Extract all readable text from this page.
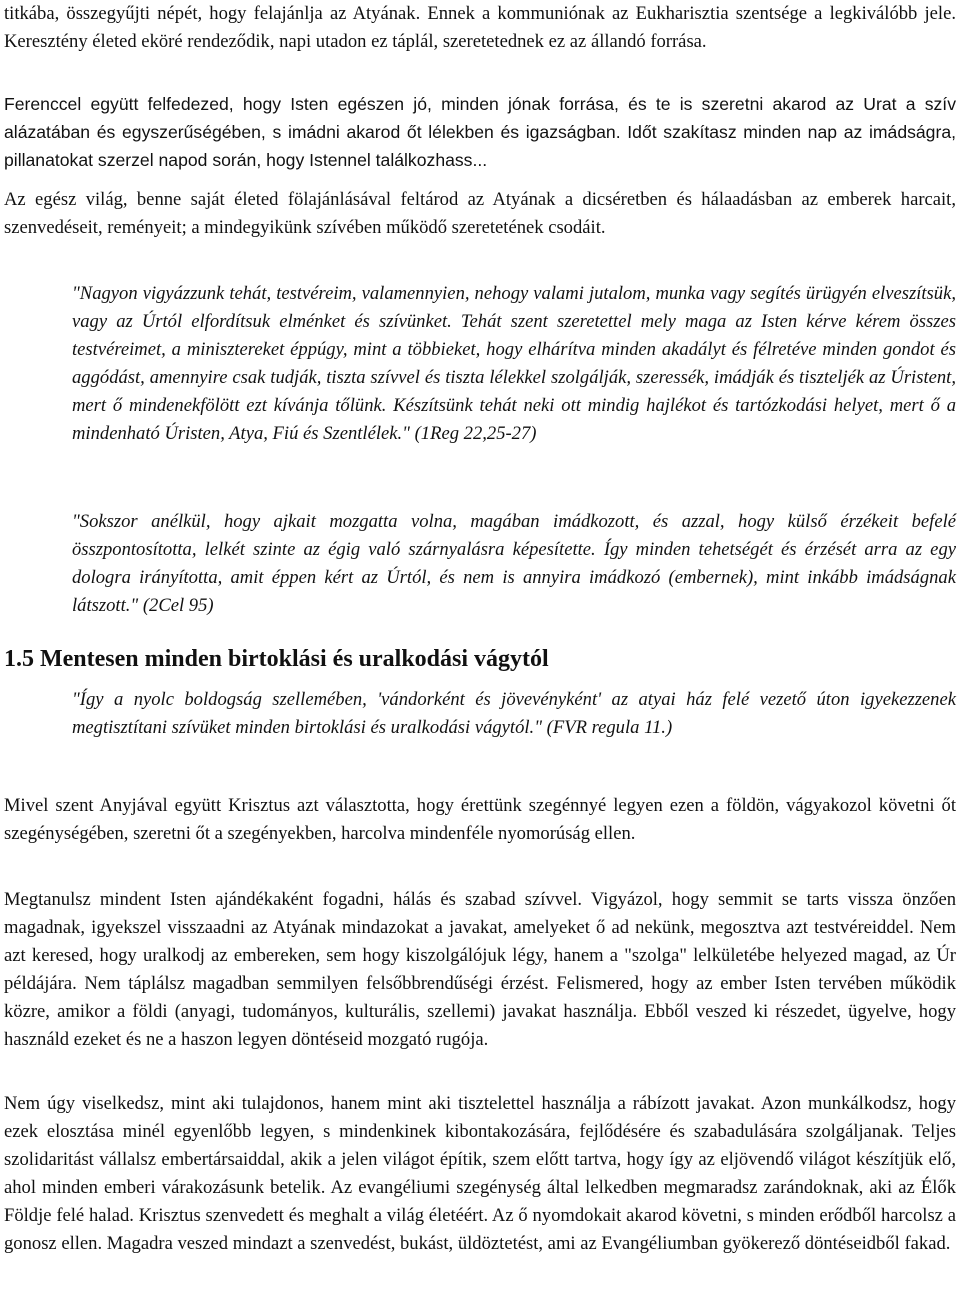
titkába, összegyűjti népét, hogy felajánlja az Atyának. Ennek a kommuniónak az Eukharisztia szentsége a legkiválóbb jele. Keresztény életed eköré rendeződik, napi utadon ez táplál, szeretetednek ez az állandó forrása.

Ferenccel együtt felfedezed, hogy Isten egészen jó, minden jónak forrása, és te is szeretni akarod az Urat a szív alázatában és egyszerűségében, s imádni akarod őt lélekben és igazságban. Időt szakítasz minden nap az imádságra, pillanatokat szerzel napod során, hogy Istennel találkozhass...

Az egész világ, benne saját életed fölajánlásával feltárod az Atyának a dicséretben és hálaadásban az emberek harcait, szenvedéseit, reményeit; a mindegyikünk szívében működő szeretetének csodáit.

"Nagyon vigyázzunk tehát, testvéreim, valamennyien, nehogy valami jutalom, munka vagy segítés ürügyén elveszítsük, vagy az Úrtól elfordítsuk elménket és szívünket. Tehát szent szeretettel mely maga az Isten kérve kérem összes testvéreimet, a minisztereket éppúgy, mint a többieket, hogy elhárítva minden akadályt és félretéve minden gondot és aggódást, amennyire csak tudják, tiszta szívvel és tiszta lélekkel szolgálják, szeressék, imádják és tiszteljék az Úristent, mert ő mindenekfölött ezt kívánja tőlünk. Készítsünk tehát neki ott mindig hajlékot és tartózkodási helyet, mert ő a mindenható Úristen, Atya, Fiú és Szentlélek." (1Reg 22,25-27)

"Sokszor anélkül, hogy ajkait mozgatta volna, magában imádkozott, és azzal, hogy külső érzékeit befelé összpontosította, lelkét szinte az égig való szárnyalásra képesítette. Így minden tehetségét és érzését arra az egy dologra irányította, amit éppen kért az Úrtól, és nem is annyira imádkozó (embernek), mint inkább imádságnak látszott." (2Cel 95)

1.5 Mentesen minden birtoklási és uralkodási vágytól

"Így a nyolc boldogság szellemében, 'vándorként és jövevényként' az atyai ház felé vezető úton igyekezzenek megtisztítani szívüket minden birtoklási és uralkodási vágytól." (FVR regula 11.)

Mivel szent Anyjával együtt Krisztus azt választotta, hogy érettünk szegénnyé legyen ezen a földön, vágyakozol követni őt szegénységében, szeretni őt a szegényekben, harcolva mindenféle nyomorúság ellen.

Megtanulsz mindent Isten ajándékaként fogadni, hálás és szabad szívvel. Vigyázol, hogy semmit se tarts vissza önzően magadnak, igyekszel visszaadni az Atyának mindazokat a javakat, amelyeket ő ad nekünk, megosztva azt testvéreiddel. Nem azt keresed, hogy uralkodj az embereken, sem hogy kiszolgálójuk légy, hanem a "szolga" lelkületébe helyezed magad, az Úr példájára. Nem táplálsz magadban semmilyen felsőbbrendűségi érzést. Felismered, hogy az ember Isten tervében működik közre, amikor a földi (anyagi, tudományos, kulturális, szellemi) javakat használja. Ebből veszed ki részedet, ügyelve, hogy használd ezeket és ne a haszon legyen döntéseid mozgató rugója.

Nem úgy viselkedsz, mint aki tulajdonos, hanem mint aki tisztelettel használja a rábízott javakat. Azon munkálkodsz, hogy ezek elosztása minél egyenlőbb legyen, s mindenkinek kibontakozására, fejlődésére és szabadulására szolgáljanak. Teljes szolidaritást vállalsz embertársaiddal, akik a jelen világot építik, szem előtt tartva, hogy így az eljövendő világot készítjük elő, ahol minden emberi várakozásunk betelik. Az evangéliumi szegénység által lelkedben megmaradsz zarándoknak, aki az Élők Földje felé halad. Krisztus szenvedett és meghalt a világ életéért. Az ő nyomdokait akarod követni, s minden erődből harcolsz a gonosz ellen. Magadra veszed mindazt a szenvedést, bukást, üldöztetést, ami az Evangéliumban gyökerező döntéseidből fakad.
